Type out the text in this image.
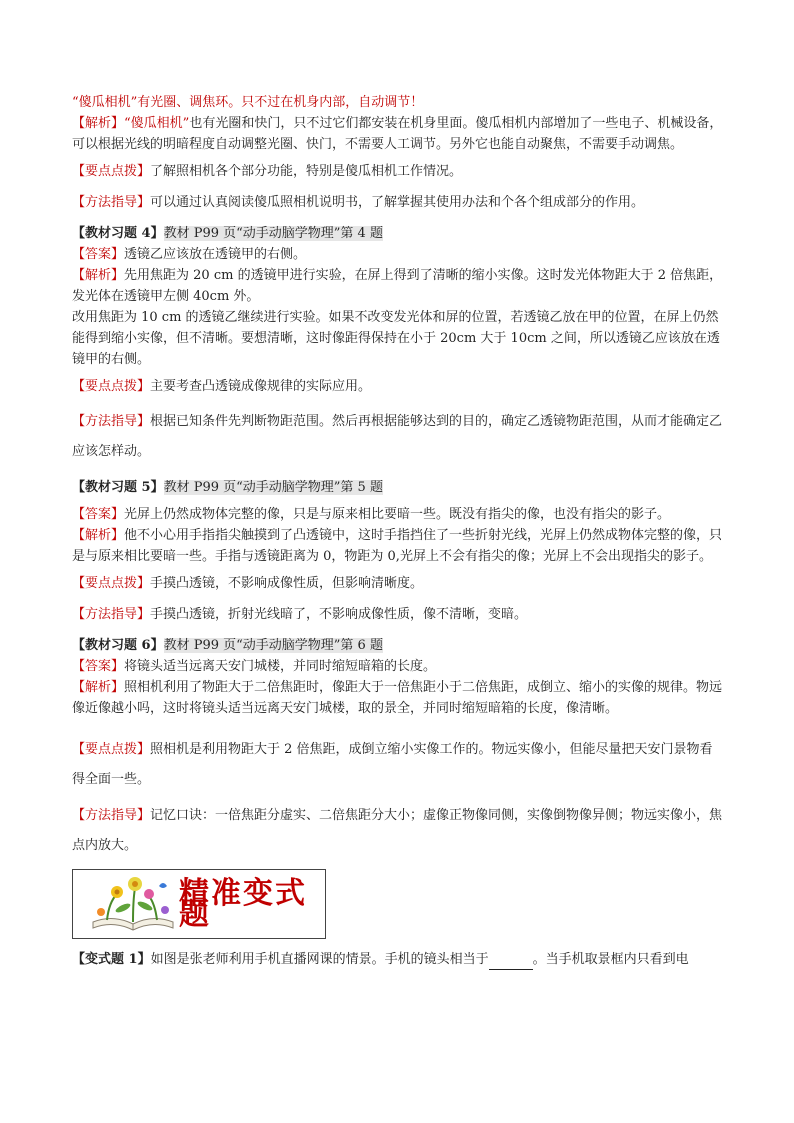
“傻瓜相机”有光圈、调焦环。只不过在机身内部，自动调节！

【解析】“傻瓜相机”也有光圈和快门，只不过它们都安装在机身里面。傻瓜相机内部增加了一些电子、机械设备，可以根据光线的明暗程度自动调整光圈、快门，不需要人工调节。另外它也能自动聚焦，不需要手动调焦。

【要点点拨】了解照相机各个部分功能，特别是傻瓜相机工作情况。

【方法指导】可以通过认真阅读傻瓜照相机说明书，了解掌握其使用办法和个各个组成部分的作用。

【教材习题 4】教材 P99 页“动手动脑学物理”第 4 题

【答案】透镜乙应该放在透镜甲的右侧。

【解析】先用焦距为 20 cm 的透镜甲进行实验，在屏上得到了清晰的缩小实像。这时发光体物距大于 2 倍焦距，发光体在透镜甲左侧 40cm 外。

改用焦距为 10 cm 的透镜乙继续进行实验。如果不改变发光体和屏的位置，若透镜乙放在甲的位置，在屏上仍然能得到缩小实像，但不清晰。要想清晰，这时像距得保持在小于 20cm 大于 10cm 之间，所以透镜乙应该放在透镜甲的右侧。

【要点点拨】主要考查凸透镜成像规律的实际应用。

【方法指导】根据已知条件先判断物距范围。然后再根据能够达到的目的，确定乙透镜物距范围，从而才能确定乙应该怎样动。

【教材习题 5】教材 P99 页“动手动脑学物理”第 5 题

【答案】光屏上仍然成物体完整的像，只是与原来相比要暗一些。既没有指尖的像，也没有指尖的影子。

【解析】他不小心用手指指尖触摸到了凸透镜中，这时手指挡住了一些折射光线，光屏上仍然成物体完整的像，只是与原来相比要暗一些。手指与透镜距离为 0，物距为 0,光屏上不会有指尖的像；光屏上不会出现指尖的影子。

【要点点拨】手摸凸透镜，不影响成像性质，但影响清晰度。

【方法指导】手摸凸透镜，折射光线暗了，不影响成像性质，像不清晰，变暗。

【教材习题 6】教材 P99 页“动手动脑学物理”第 6 题

【答案】将镜头适当远离天安门城楼，并同时缩短暗箱的长度。

【解析】照相机利用了物距大于二倍焦距时，像距大于一倍焦距小于二倍焦距，成倒立、缩小的实像的规律。物远像近像越小吗，这时将镜头适当远离天安门城楼，取的景全，并同时缩短暗箱的长度，像清晰。

【要点点拨】照相机是利用物距大于 2 倍焦距，成倒立缩小实像工作的。物远实像小，但能尽量把天安门景物看得全面一些。

【方法指导】记忆口诀：一倍焦距分虚实、二倍焦距分大小；虚像正物像同侧，实像倒物像异侧；物远实像小，焦点内放大。

精准变式题

【变式题 1】如图是张老师利用手机直播网课的情景。手机的镜头相当于	。当手机取景框内只看到电
